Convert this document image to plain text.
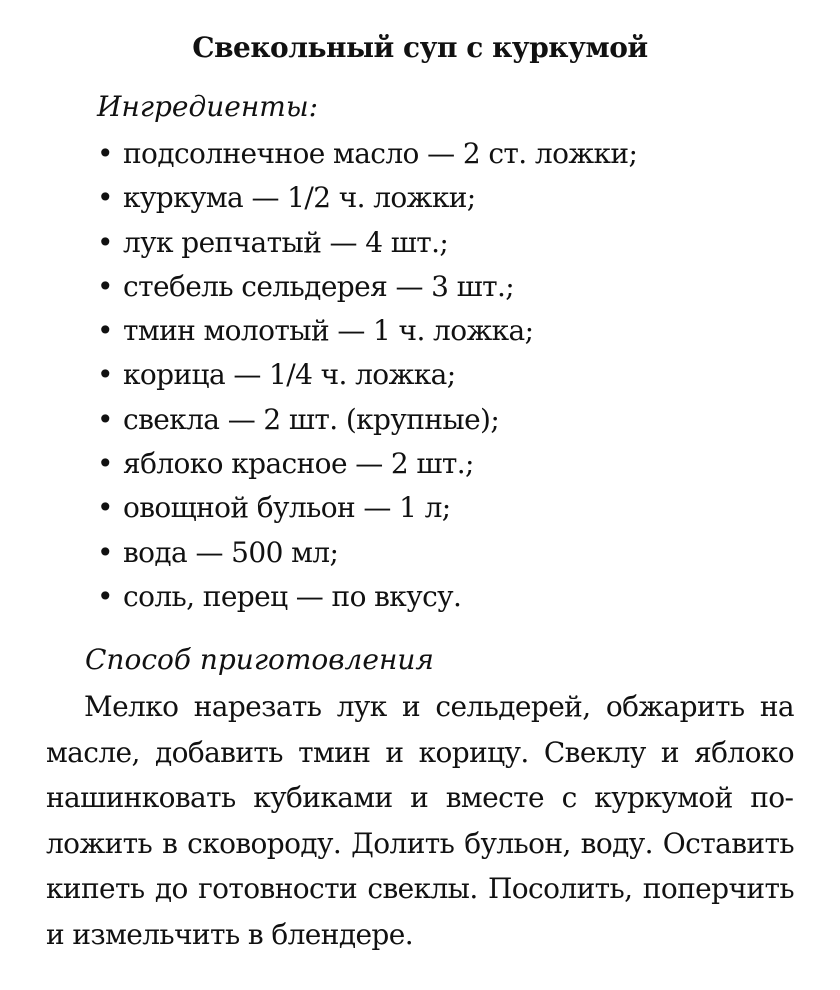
Свекольный суп с куркумой
Ингредиенты:
• подсолнечное масло — 2 ст. ложки;
• куркума — 1/2 ч. ложки;
• лук репчатый — 4 шт.;
• стебель сельдерея — 3 шт.;
• тмин молотый — 1 ч. ложка;
• корица — 1/4 ч. ложка;
• свекла — 2 шт. (крупные);
• яблоко красное — 2 шт.;
• овощной бульон — 1 л;
• вода — 500 мл;
• соль, перец — по вкусу.
Способ приготовления

Мелко нарезать лук и сельдерей, обжарить на масле, добавить тмин и корицу. Свеклу и яблоко нашинковать кубиками и вместе с куркумой положить в сковороду. Долить бульон, воду. Оставить кипеть до готовности свеклы. Посолить, поперчить и измельчить в блендере.
